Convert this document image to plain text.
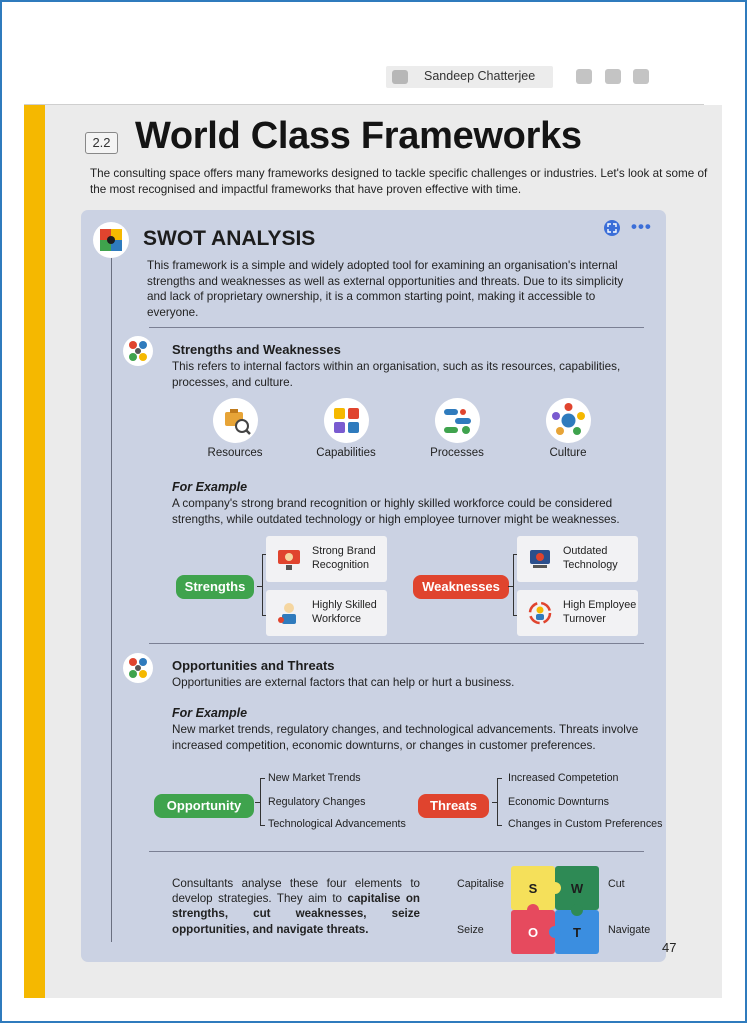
Sandeep Chatterjee
2.2 World Class Frameworks
The consulting space offers many frameworks designed to tackle specific challenges or industries. Let's look at some of the most recognised and impactful frameworks that have proven effective with time.
SWOT ANALYSIS
•••
This framework is a simple and widely adopted tool for examining an organisation's internal strengths and weaknesses as well as external opportunities and threats. Due to its simplicity and lack of proprietary ownership, it is a common starting point, making it accessible to everyone.
Strengths and Weaknesses
This refers to internal factors within an organisation, such as its resources, capabilities, processes, and culture.
Resources	Capabilities	Processes	Culture
For Example
A company's strong brand recognition or highly skilled workforce could be considered strengths, while outdated technology or high employee turnover might be weaknesses.
Strengths
Strong Brand Recognition
Highly Skilled Workforce
Weaknesses
Outdated Technology
High Employee Turnover
Opportunities and Threats
Opportunities are external factors that can help or hurt a business.
For Example
New market trends, regulatory changes, and technological advancements. Threats involve increased competition, economic downturns, or changes in customer preferences.
Opportunity
New Market Trends
Regulatory Changes
Technological Advancements
Threats
Increased Competetion
Economic Downturns
Changes in Custom Preferences
Consultants analyse these four elements to develop strategies. They aim to capitalise on strengths, cut weaknesses, seize opportunities, and navigate threats.
S	W
O	T
Capitalise	Cut
Seize	Navigate
47
